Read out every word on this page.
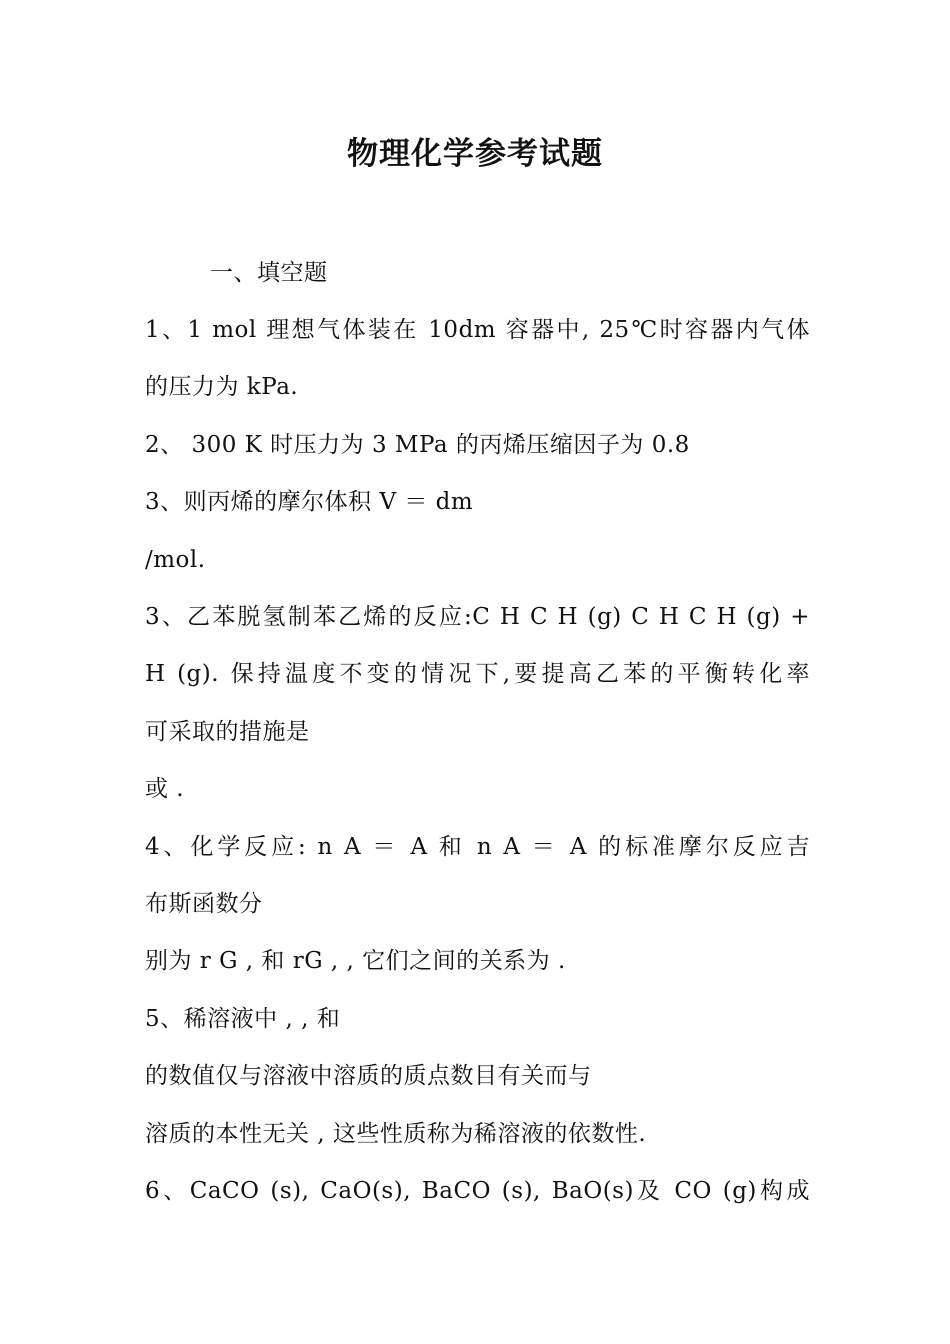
物理化学参考试题
一、填空题
1、1 mol 理想气体装在 10dm 容器中, 25℃时容器内气体
的压力为 kPa.
2、 300 K 时压力为 3 MPa 的丙烯压缩因子为 0.8
3、则丙烯的摩尔体积 V ＝ dm
/mol.
3、乙苯脱氢制苯乙烯的反应:C H C H (g) C H C H (g) +
H (g). 保持温度不变的情况下,要提高乙苯的平衡转化率
可采取的措施是
或 .
4、化学反应: n A ＝ A 和 n A ＝ A 的标准摩尔反应吉
布斯函数分
别为 r G , 和 rG , , 它们之间的关系为 .
5、稀溶液中 , , 和
的数值仅与溶液中溶质的质点数目有关而与
溶质的本性无关 , 这些性质称为稀溶液的依数性.
6、CaCO (s), CaO(s), BaCO (s), BaO(s)及 CO (g)构成
